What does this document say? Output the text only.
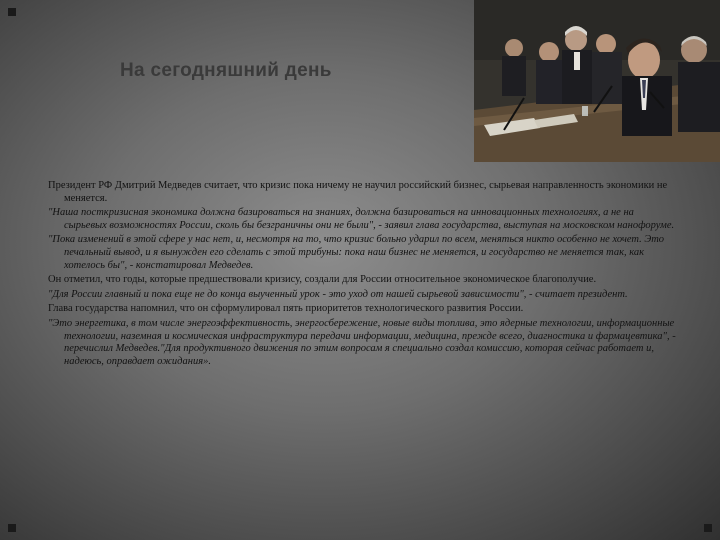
На сегодняшний день

Президент РФ Дмитрий Медведев считает, что кризис пока ничему не научил российский бизнес, сырьевая направленность экономики не меняется.

"Наша посткризисная экономика должна базироваться на знаниях, должна базироваться на инновационных технологиях, а не на сырьевых возможностях России, сколь бы безграничны они не были", - заявил глава государства, выступая на московском нанофоруме.

"Пока изменений в этой сфере у нас нет, и, несмотря на то, что кризис больно ударил по всем, меняться никто особенно не хочет. Это печальный вывод, и я вынужден его сделать с этой трибуны: пока наш бизнес не меняется, и государство не меняется так, как хотелось бы", - констатировал Медведев.

Он отметил, что годы, которые предшествовали кризису, создали для России относительное экономическое благополучие.

"Для России главный и пока еще не до конца выученный урок - это уход от нашей сырьевой зависимости", - считает президент.

Глава государства напомнил, что он сформулировал пять приоритетов технологического развития России.

"Это энергетика, в том числе энергоэффективность, энергосбережение, новые виды топлива, это ядерные технологии, информационные технологии, наземная и космическая инфраструктура передачи информации, медицина, прежде всего, диагностика и фармацевтика", - перечислил Медведев."Для продуктивного движения по этим вопросам я специально создал комиссию, которая сейчас работает и, надеюсь, оправдает ожидания».
